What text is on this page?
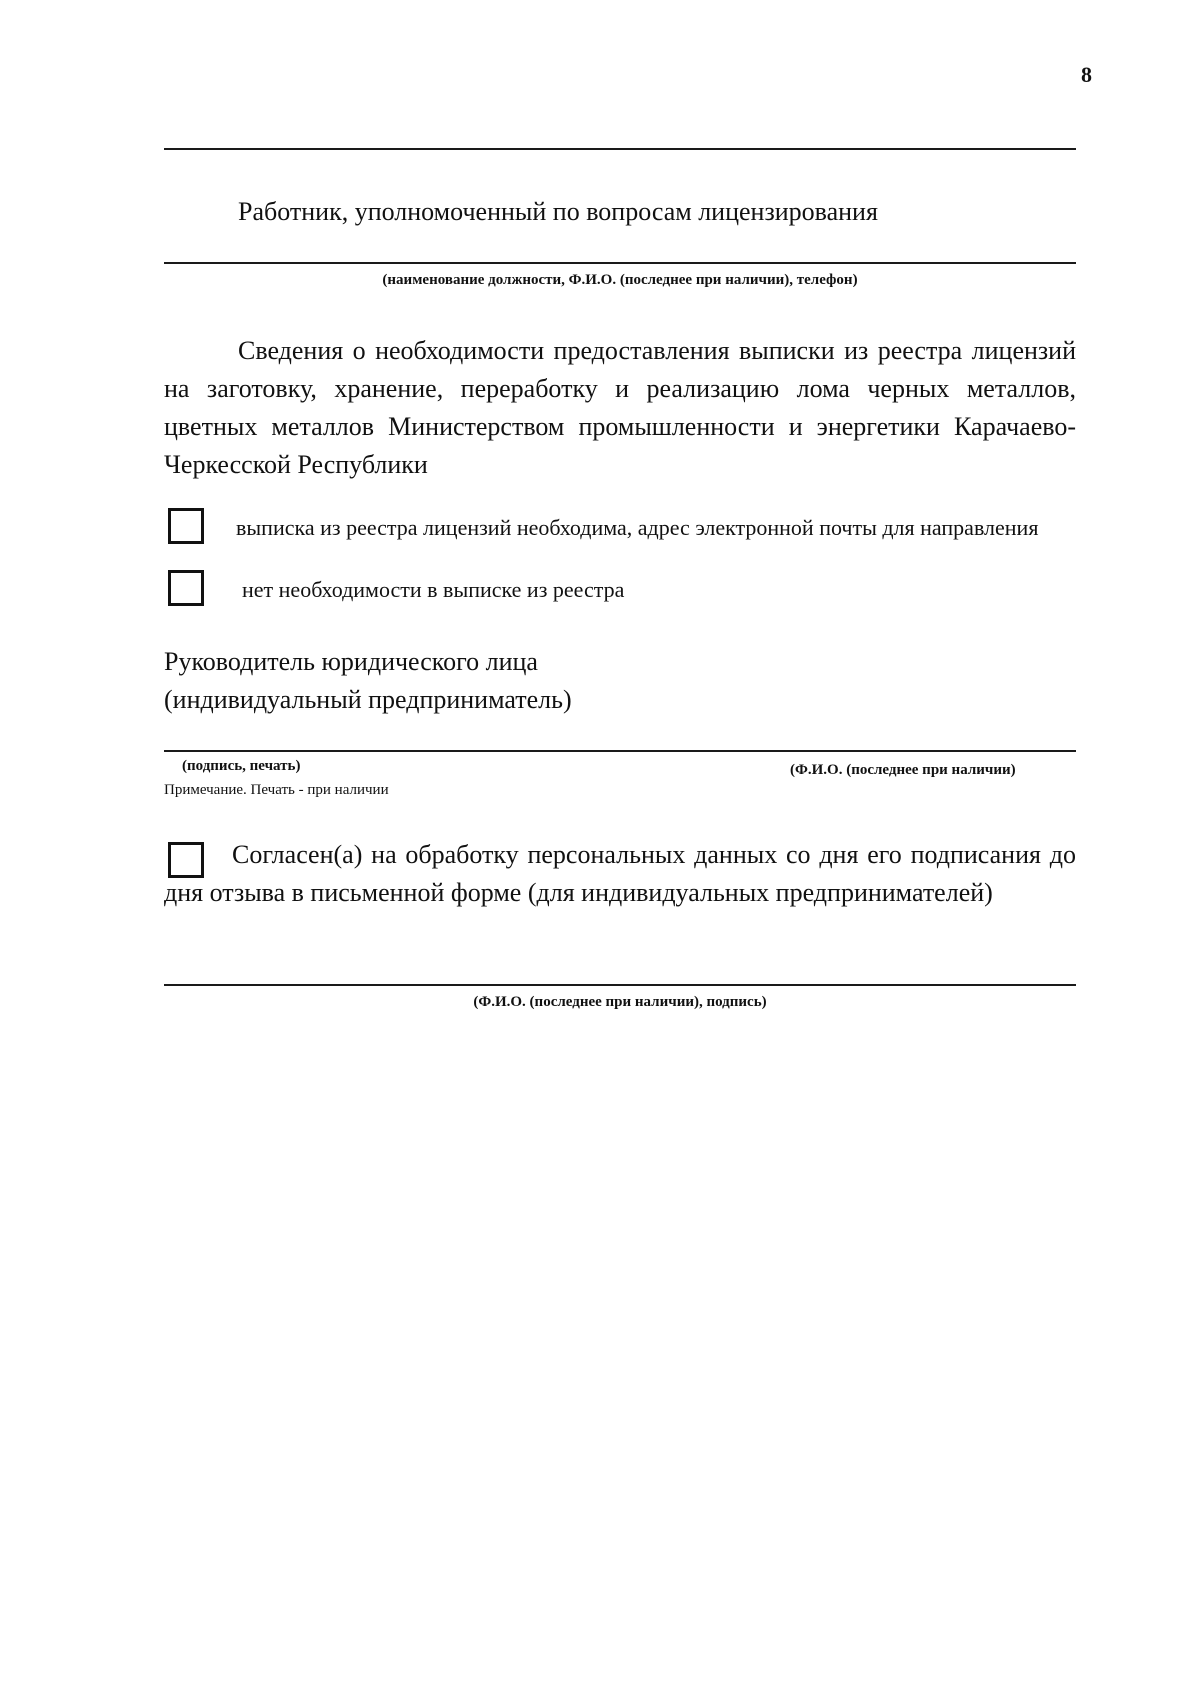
8
Работник, уполномоченный по вопросам лицензирования
(наименование должности, Ф.И.О. (последнее при наличии), телефон)
Сведения о необходимости предоставления выписки из реестра лицензий на заготовку, хранение, переработку и реализацию лома черных металлов, цветных металлов Министерством промышленности и энергетики Карачаево-Черкесской Республики
выписка из реестра лицензий необходима, адрес электронной почты для направления
нет необходимости в выписке из реестра
Руководитель юридического лица
(индивидуальный предприниматель)
(подпись, печать)	(Ф.И.О. (последнее при наличии)
Примечание. Печать - при наличии
Согласен(а) на обработку персональных данных со дня его подписания до дня отзыва в письменной форме (для индивидуальных предпринимателей)
(Ф.И.О. (последнее при наличии), подпись)
